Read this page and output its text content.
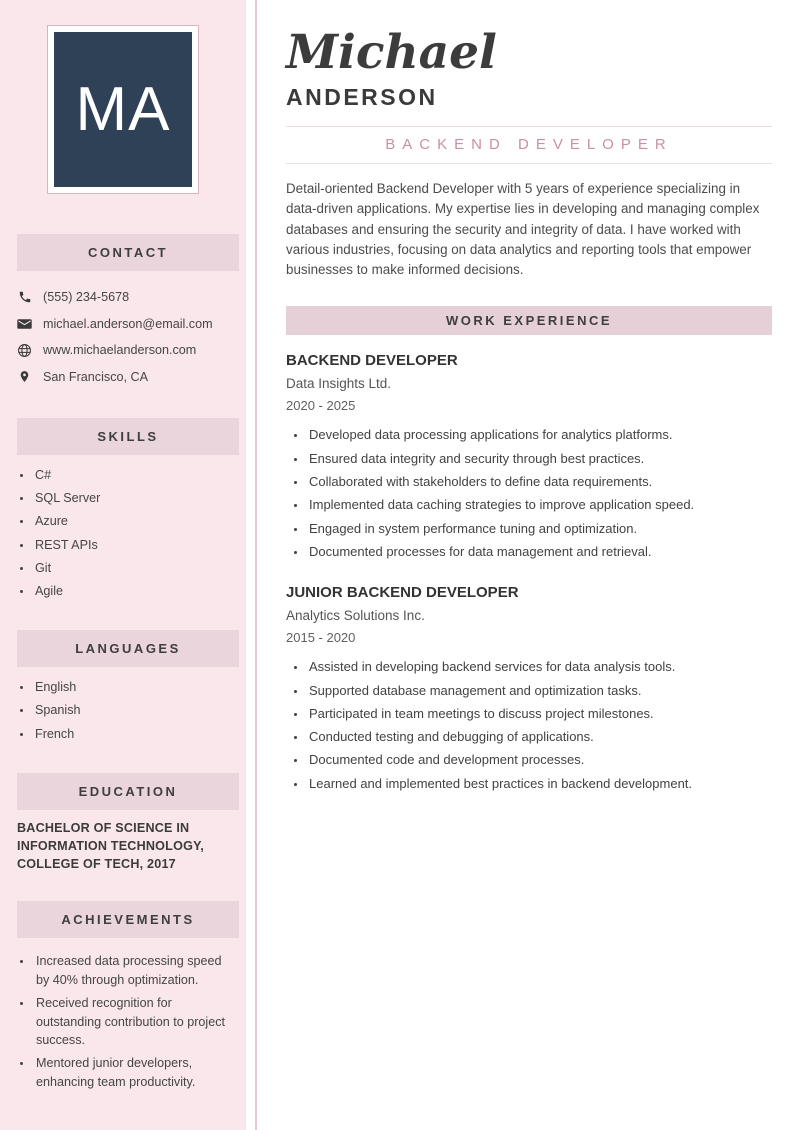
MA
CONTACT
(555) 234-5678
michael.anderson@email.com
www.michaelanderson.com
San Francisco, CA
SKILLS
• C#
• SQL Server
• Azure
• REST APIs
• Git
• Agile
LANGUAGES
• English
• Spanish
• French
EDUCATION

BACHELOR OF SCIENCE IN INFORMATION TECHNOLOGY, COLLEGE OF TECH, 2017

ACHIEVEMENTS
• Increased data processing speed by 40% through optimization.
• Received recognition for outstanding contribution to project success.
• Mentored junior developers, enhancing team productivity.
Michael
ANDERSON
BACKEND DEVELOPER

Detail-oriented Backend Developer with 5 years of experience specializing in data-driven applications. My expertise lies in developing and managing complex databases and ensuring the security and integrity of data. I have worked with various industries, focusing on data analytics and reporting tools that empower businesses to make informed decisions.

WORK EXPERIENCE
BACKEND DEVELOPER
Data Insights Ltd.
2020 - 2025
• Developed data processing applications for analytics platforms.
• Ensured data integrity and security through best practices.
• Collaborated with stakeholders to define data requirements.
• Implemented data caching strategies to improve application speed.
• Engaged in system performance tuning and optimization.
• Documented processes for data management and retrieval.
JUNIOR BACKEND DEVELOPER
Analytics Solutions Inc.
2015 - 2020
• Assisted in developing backend services for data analysis tools.
• Supported database management and optimization tasks.
• Participated in team meetings to discuss project milestones.
• Conducted testing and debugging of applications.
• Documented code and development processes.
• Learned and implemented best practices in backend development.
